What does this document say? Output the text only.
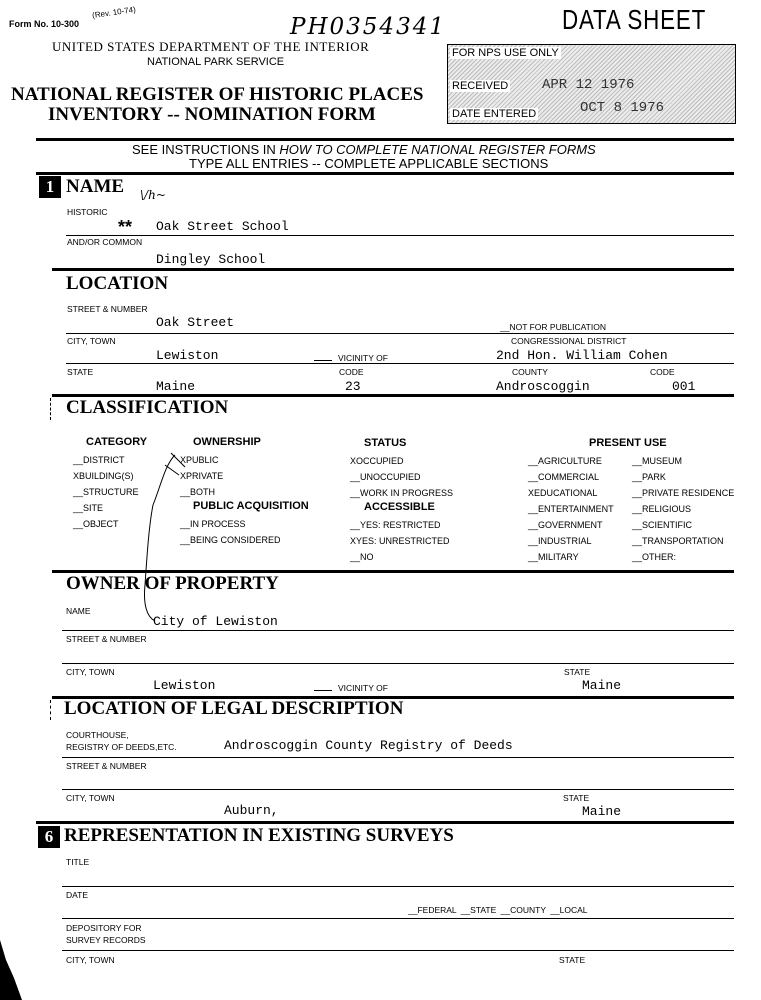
Form No. 10-300
(Rev. 10-74)
PH0354341	DATA SHEET
UNITED STATES DEPARTMENT OF THE INTERIOR
NATIONAL PARK SERVICE
NATIONAL REGISTER OF HISTORIC PLACES
INVENTORY -- NOMINATION FORM
FOR NPS USE ONLY
RECEIVED APR 12 1976
DATE ENTERED	OCT 8 1976
SEE INSTRUCTIONS IN HOW TO COMPLETE NATIONAL REGISTER FORMS
TYPE ALL ENTRIES -- COMPLETE APPLICABLE SECTIONS
1 NAME \/h~
HISTORIC
** Oak Street School
AND/OR COMMON
Dingley School
LOCATION
STREET & NUMBER
Oak Street	__NOT FOR PUBLICATION
CITY, TOWN	CONGRESSIONAL DISTRICT
Lewiston	VICINITY OF	2nd Hon. William Cohen
STATE	CODE	COUNTY	CODE
Maine	23	Androscoggin	001
CLASSIFICATION
CATEGORY
__DISTRICT
XBUILDING(S)
__STRUCTURE
__SITE
__OBJECT
OWNERSHIP
XPUBLIC
XPRIVATE
__BOTH
PUBLIC ACQUISITION
__IN PROCESS
__BEING CONSIDERED
STATUS
XOCCUPIED
__UNOCCUPIED
__WORK IN PROGRESS
ACCESSIBLE
__YES: RESTRICTED
XYES: UNRESTRICTED
__NO
PRESENT USE
__AGRICULTURE
__COMMERCIAL
XEDUCATIONAL
__ENTERTAINMENT
__GOVERNMENT
__INDUSTRIAL
__MILITARY
__MUSEUM
__PARK
__PRIVATE RESIDENCE
__RELIGIOUS
__SCIENTIFIC
__TRANSPORTATION
__OTHER:
OWNER OF PROPERTY
NAME
City of Lewiston
STREET & NUMBER
CITY, TOWN	STATE
Lewiston	VICINITY OF	Maine
LOCATION OF LEGAL DESCRIPTION
COURTHOUSE,
REGISTRY OF DEEDS,ETC.	Androscoggin County Registry of Deeds
STREET & NUMBER
CITY, TOWN	STATE
Auburn,	Maine
6 REPRESENTATION IN EXISTING SURVEYS
TITLE
DATE
__FEDERAL __STATE __COUNTY __LOCAL
DEPOSITORY FOR
SURVEY RECORDS
CITY, TOWN	STATE
